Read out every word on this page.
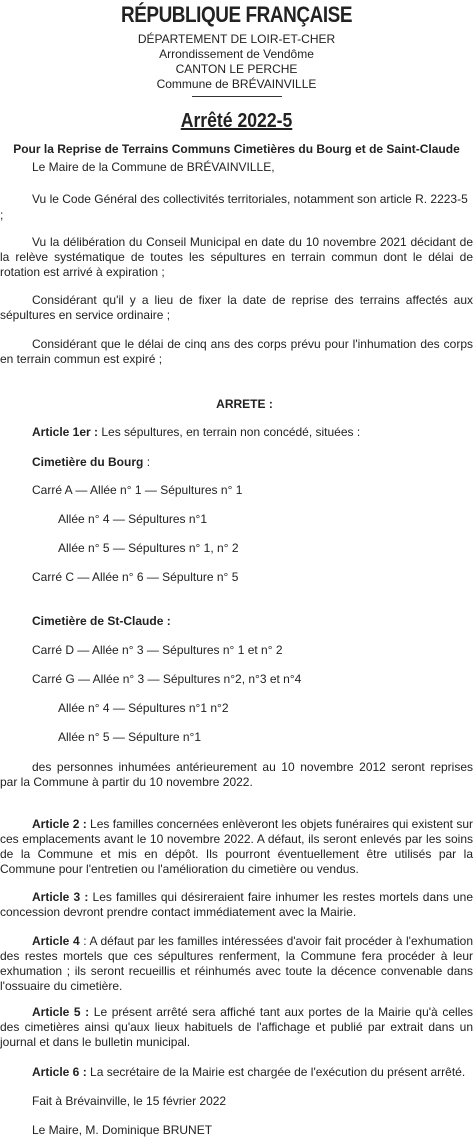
RÉPUBLIQUE FRANÇAISE
DÉPARTEMENT DE LOIR-ET-CHER
Arrondissement de Vendôme
CANTON LE PERCHE
Commune de BRÉVAINVILLE
Arrêté 2022-5
Pour la Reprise de Terrains Communs Cimetières du Bourg et de Saint-Claude
Le Maire de la Commune de BRÉVAINVILLE,
Vu le Code Général des collectivités territoriales, notamment son article R. 2223-5
;
Vu la délibération du Conseil Municipal en date du 10 novembre 2021 décidant de la relève systématique de toutes les sépultures en terrain commun dont le délai de rotation est arrivé à expiration ;
Considérant qu'il y a lieu de fixer la date de reprise des terrains affectés aux sépultures en service ordinaire ;
Considérant que le délai de cinq ans des corps prévu pour l'inhumation des corps en terrain commun est expiré ;
ARRETE :
Article 1er : Les sépultures, en terrain non concédé, situées :
Cimetière du Bourg :
Carré A — Allée n° 1 — Sépultures n° 1
Allée n° 4 — Sépultures n°1
Allée n° 5 — Sépultures n° 1, n° 2
Carré C — Allée n° 6 — Sépulture n° 5
Cimetière de St-Claude :
Carré D — Allée n° 3 — Sépultures n° 1 et n° 2
Carré G — Allée n° 3 — Sépultures n°2, n°3 et n°4
Allée n° 4 — Sépultures n°1 n°2
Allée n° 5 — Sépulture n°1
des personnes inhumées antérieurement au 10 novembre 2012 seront reprises par la Commune à partir du 10 novembre 2022.
Article 2 : Les familles concernées enlèveront les objets funéraires qui existent sur ces emplacements avant le 10 novembre 2022. A défaut, ils seront enlevés par les soins de la Commune et mis en dépôt. Ils pourront éventuellement être utilisés par la Commune pour l'entretien ou l'amélioration du cimetière ou vendus.
Article 3 : Les familles qui désireraient faire inhumer les restes mortels dans une concession devront prendre contact immédiatement avec la Mairie.
Article 4 : A défaut par les familles intéressées d'avoir fait procéder à l'exhumation des restes mortels que ces sépultures renferment, la Commune fera procéder à leur exhumation ; ils seront recueillis et réinhumés avec toute la décence convenable dans l'ossuaire du cimetière.
Article 5 : Le présent arrêté sera affiché tant aux portes de la Mairie qu'à celles des cimetières ainsi qu'aux lieux habituels de l'affichage et publié par extrait dans un journal et dans le bulletin municipal.
Article 6 : La secrétaire de la Mairie est chargée de l'exécution du présent arrêté.
Fait à Brévainville, le 15 février 2022
Le Maire, M. Dominique BRUNET
